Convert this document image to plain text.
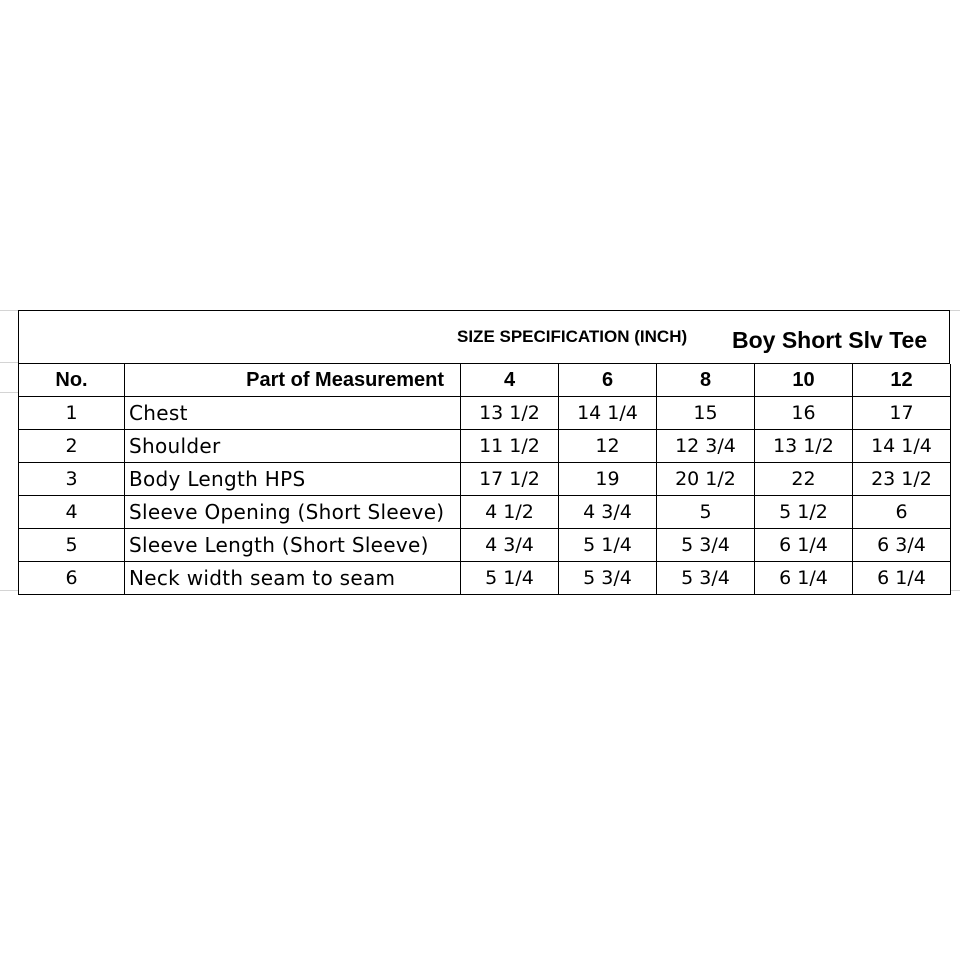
SIZE SPECIFICATION (INCH) Boy Short Slv Tee
No.	Part of Measurement	4	6	8	10	12
1	Chest	13 1/2	14 1/4	15	16	17
2	Shoulder	11 1/2	12	12 3/4	13 1/2	14 1/4
3	Body Length HPS	17 1/2	19	20 1/2	22	23 1/2
4	Sleeve Opening (Short Sleeve)	4 1/2	4 3/4	5	5 1/2	6
5	Sleeve Length (Short Sleeve)	4 3/4	5 1/4	5 3/4	6 1/4	6 3/4
6	Neck width seam to seam	5 1/4	5 3/4	5 3/4	6 1/4	6 1/4
